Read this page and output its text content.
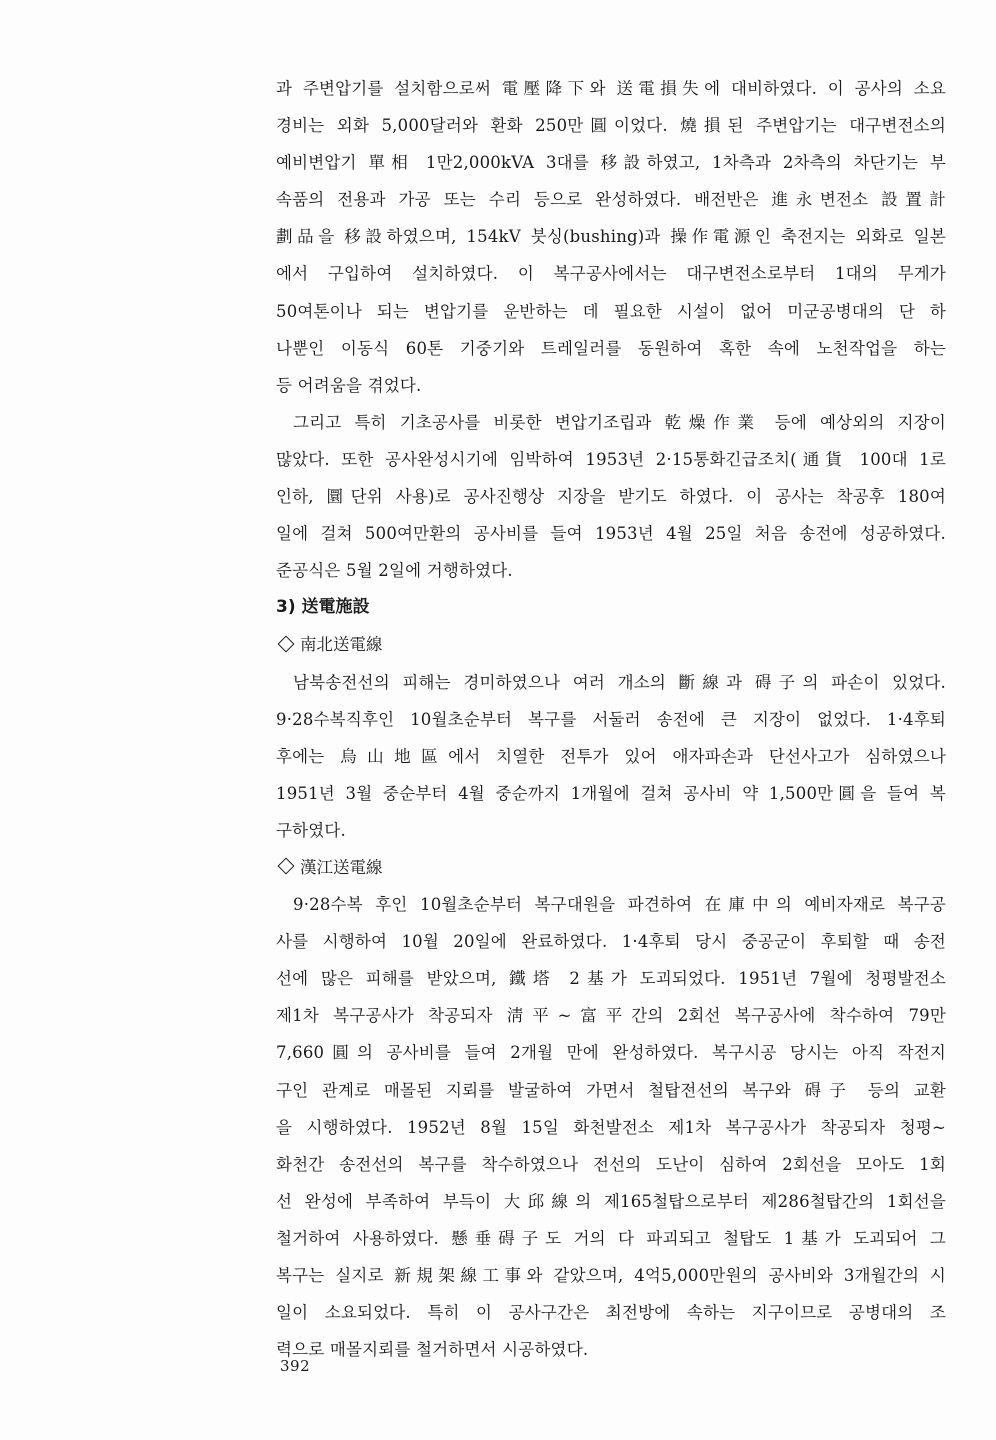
과 주변압기를 설치함으로써 電壓降下와 送電損失에 대비하였다. 이 공사의 소요
경비는 외화 5,000달러와 환화 250만圓이었다. 燒損된 주변압기는 대구변전소의
예비변압기 單相 1만2,000kVA 3대를 移設하였고, 1차측과 2차측의 차단기는 부
속품의 전용과 가공 또는 수리 등으로 완성하였다. 배전반은 進永변전소 設置計
劃品을 移設하였으며, 154kV 붓싱(bushing)과 操作電源인 축전지는 외화로 일본
에서 구입하여 설치하였다. 이 복구공사에서는 대구변전소로부터 1대의 무게가
50여톤이나 되는 변압기를 운반하는 데 필요한 시설이 없어 미군공병대의 단 하
나뿐인 이동식 60톤 기중기와 트레일러를 동원하여 혹한 속에 노천작업을 하는
등 어려움을 겪었다.
그리고 특히 기초공사를 비롯한 변압기조립과 乾燥作業 등에 예상외의 지장이
많았다. 또한 공사완성시기에 임박하여 1953년 2·15통화긴급조치(通貨 100대 1로
인하, 圜단위 사용)로 공사진행상 지장을 받기도 하였다. 이 공사는 착공후 180여
일에 걸쳐 500여만환의 공사비를 들여 1953년 4월 25일 처음 송전에 성공하였다.
준공식은 5월 2일에 거행하였다.
3) 送電施設
南北送電線
남북송전선의 피해는 경미하였으나 여러 개소의 斷線과 碍子의 파손이 있었다.
9·28수복직후인 10월초순부터 복구를 서둘러 송전에 큰 지장이 없었다. 1·4후퇴
후에는 烏山地區에서 치열한 전투가 있어 애자파손과 단선사고가 심하였으나
1951년 3월 중순부터 4월 중순까지 1개월에 걸쳐 공사비 약 1,500만圓을 들여 복
구하였다.
漢江送電線
9·28수복 후인 10월초순부터 복구대원을 파견하여 在庫中의 예비자재로 복구공
사를 시행하여 10월 20일에 완료하였다. 1·4후퇴 당시 중공군이 후퇴할 때 송전
선에 많은 피해를 받았으며, 鐵塔 2基가 도괴되었다. 1951년 7월에 청평발전소
제1차 복구공사가 착공되자 淸平~富平간의 2회선 복구공사에 착수하여 79만
7,660圓의 공사비를 들여 2개월 만에 완성하였다. 복구시공 당시는 아직 작전지
구인 관계로 매몰된 지뢰를 발굴하여 가면서 철탑전선의 복구와 碍子 등의 교환
을 시행하였다. 1952년 8월 15일 화천발전소 제1차 복구공사가 착공되자 청평~
화천간 송전선의 복구를 착수하였으나 전선의 도난이 심하여 2회선을 모아도 1회
선 완성에 부족하여 부득이 大邱線의 제165철탑으로부터 제286철탑간의 1회선을
철거하여 사용하였다. 懸垂碍子도 거의 다 파괴되고 철탑도 1基가 도괴되어 그
복구는 실지로 新規架線工事와 같았으며, 4억5,000만원의 공사비와 3개월간의 시
일이 소요되었다. 특히 이 공사구간은 최전방에 속하는 지구이므로 공병대의 조
력으로 매몰지뢰를 철거하면서 시공하였다.
392
